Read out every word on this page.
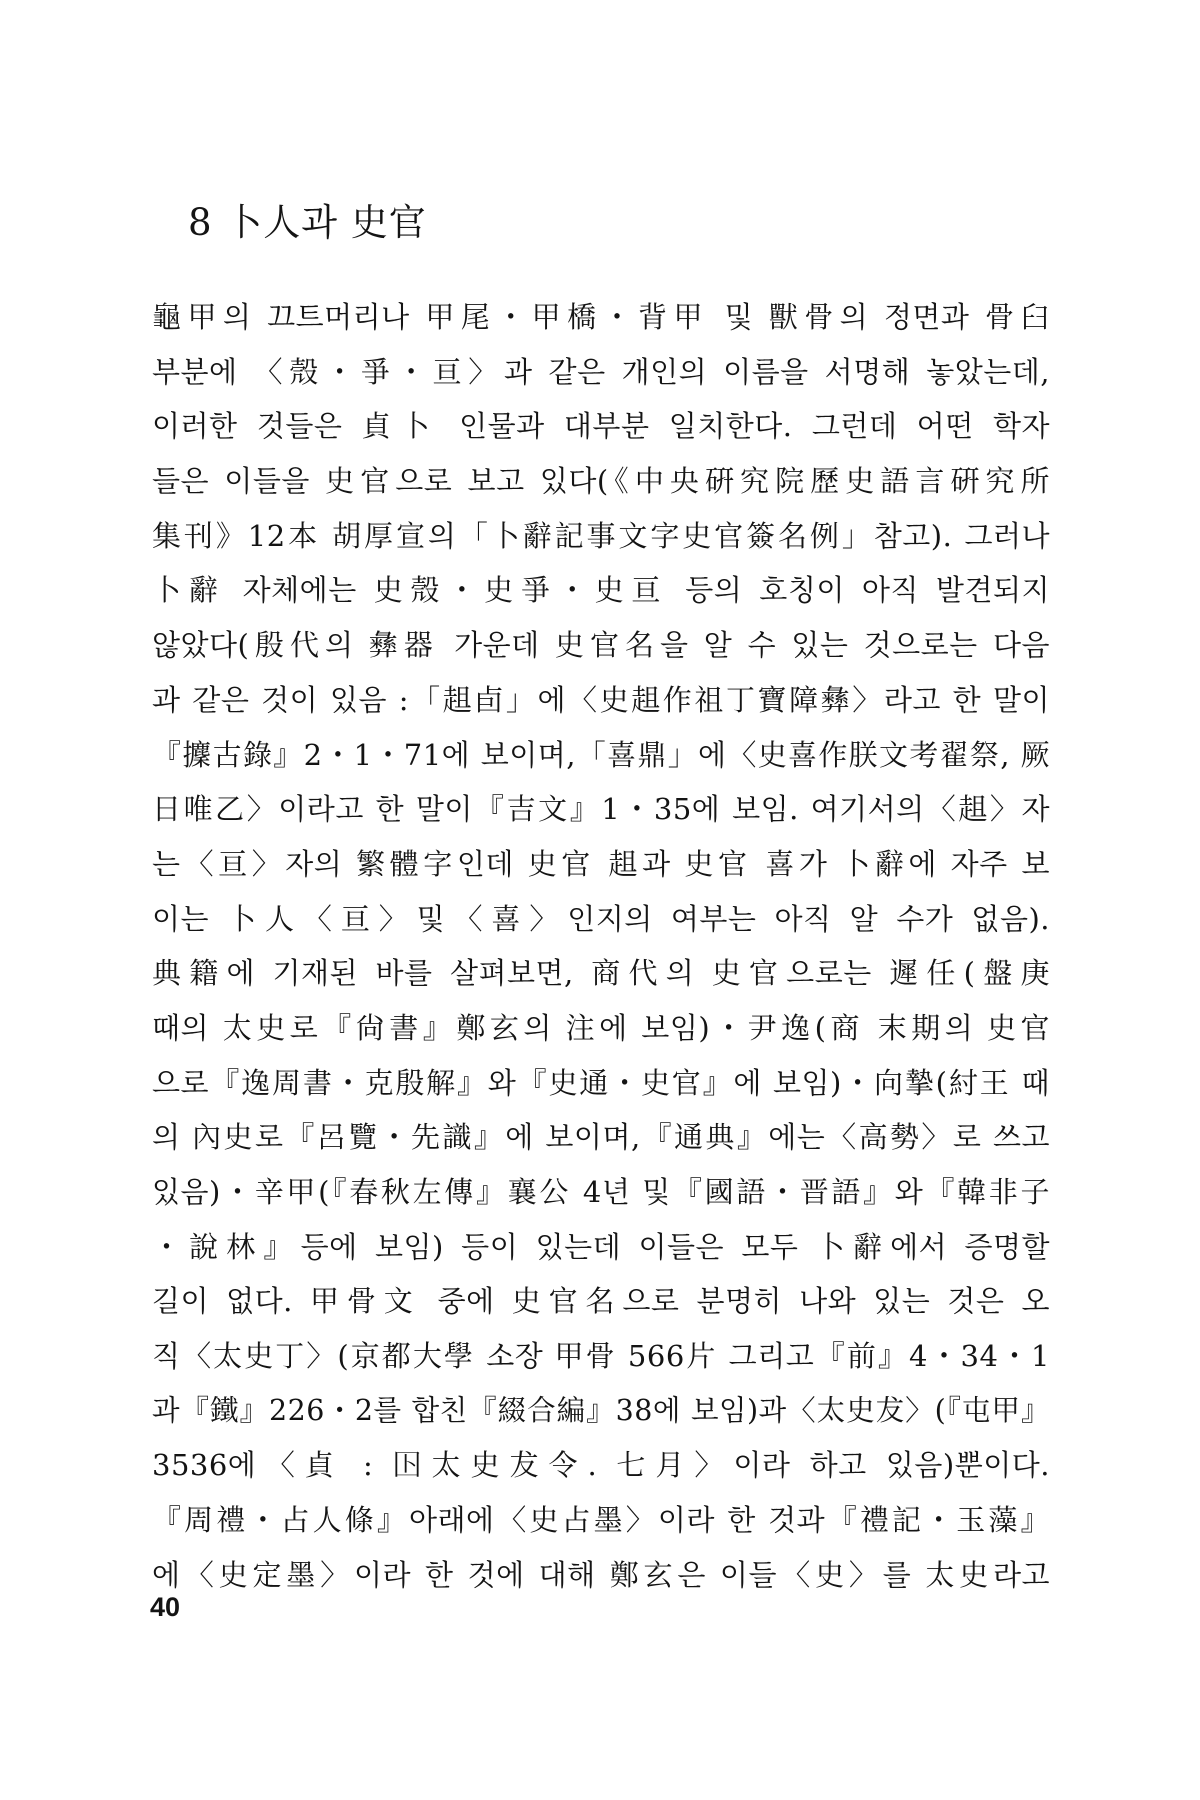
8 卜人과 史官
龜甲의 끄트머리나 甲尾・甲橋・背甲 및 獸骨의 정면과 骨臼
부분에 〈殼・爭・亘〉과 같은 개인의 이름을 서명해 놓았는데,
이러한 것들은 貞卜 인물과 대부분 일치한다. 그런데 어떤 학자
들은 이들을 史官으로 보고 있다(《中央硏究院歷史語言硏究所
集刊》12本 胡厚宣의「卜辭記事文字史官簽名例」참고). 그러나
卜辭 자체에는 史殼・史爭・史亘 등의 호칭이 아직 발견되지
않았다(殷代의 彝器 가운데 史官名을 알 수 있는 것으로는 다음
과 같은 것이 있음 :「趄卣」에〈史趄作祖丁寶障彝〉라고 한 말이
『攈古錄』2・1・71에 보이며,「喜鼎」에〈史喜作朕文考翟祭, 厥
日唯乙〉이라고 한 말이『吉文』1・35에 보임. 여기서의〈趄〉자
는〈亘〉자의 繁體字인데 史官 趄과 史官 喜가 卜辭에 자주 보
이는 卜人〈亘〉및〈喜〉인지의 여부는 아직 알 수가 없음).
典籍에 기재된 바를 살펴보면, 商代의 史官으로는 遲任(盤庚
때의 太史로『尙書』鄭玄의 注에 보임)・尹逸(商 末期의 史官
으로『逸周書・克殷解』와『史通・史官』에 보임)・向摯(紂王 때
의 內史로『呂覽・先識』에 보이며,『通典』에는〈高勢〉로 쓰고
있음)・辛甲(『春秋左傳』襄公 4년 및『國語・晋語』와『韓非子
・說林』등에 보임) 등이 있는데 이들은 모두 卜辭에서 증명할
길이 없다. 甲骨文 중에 史官名으로 분명히 나와 있는 것은 오
직〈太史丁〉(京都大學 소장 甲骨 566片 그리고『前』4・34・1
과『鐵』226・2를 합친『綴合編』38에 보임)과〈太史犮〉(『屯甲』
3536에〈貞 : 𡆥太史犮令. 七月〉이라 하고 있음)뿐이다.
『周禮・占人條』아래에〈史占墨〉이라 한 것과『禮記・玉藻』
에〈史定墨〉이라 한 것에 대해 鄭玄은 이들〈史〉를 太史라고
40
